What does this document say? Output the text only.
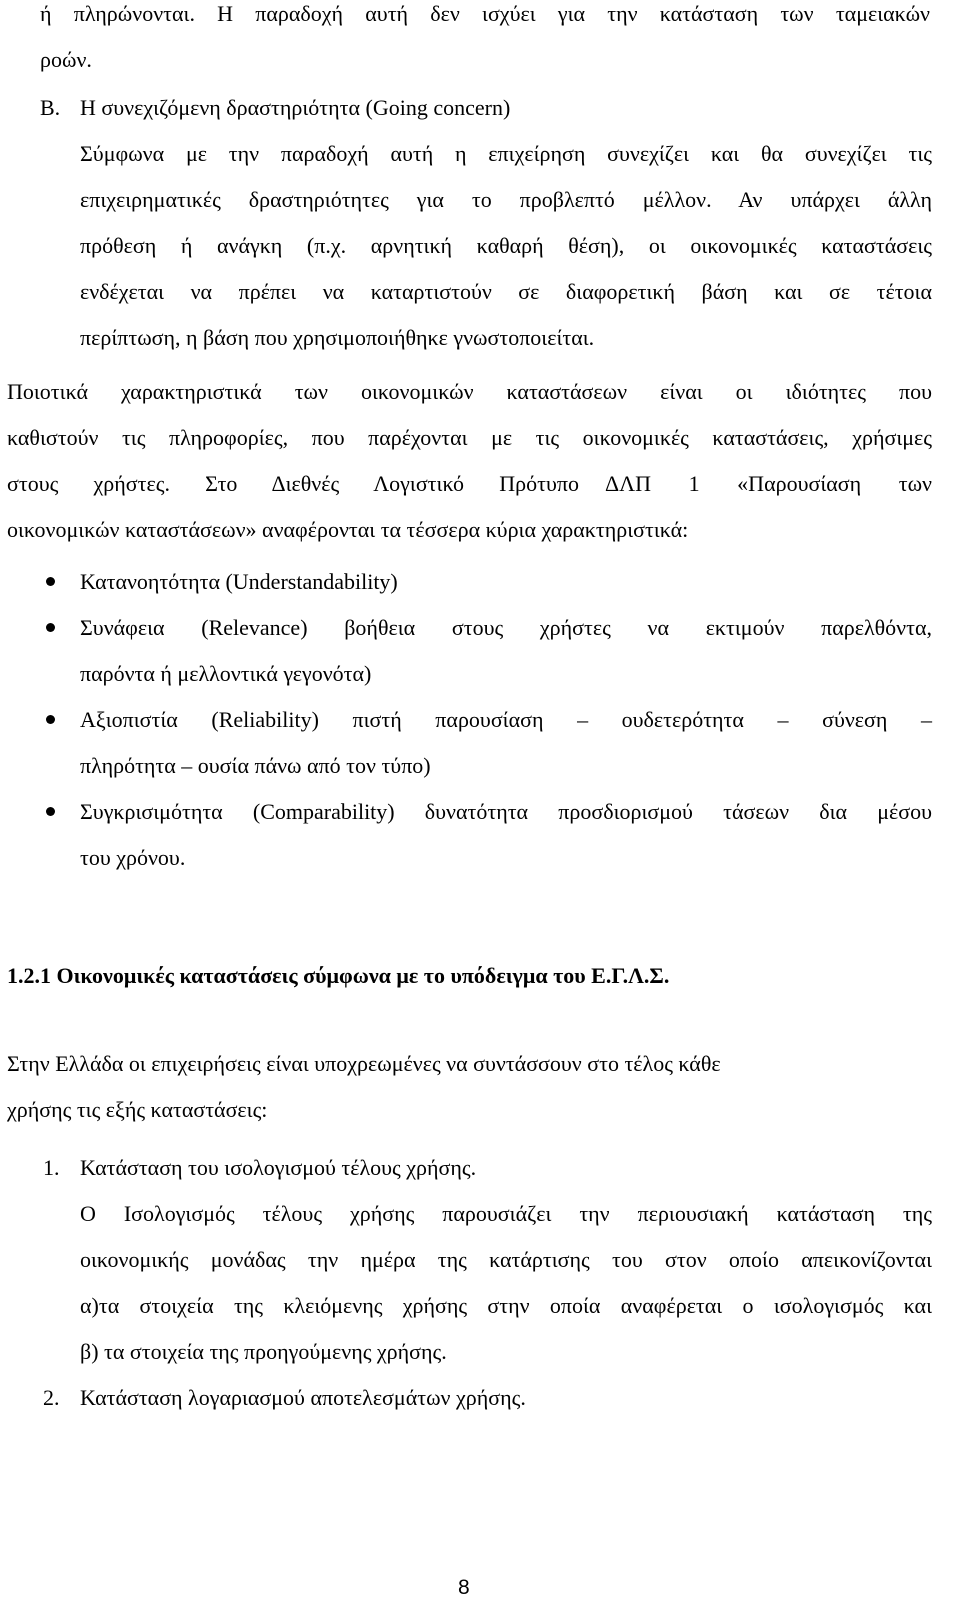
ή πληρώνονται. Η παραδοχή αυτή δεν ισχύει για την κατάσταση των ταμειακών
ροών.
Β. Η συνεχιζόμενη δραστηριότητα (Going concern)
Σύμφωνα με την παραδοχή αυτή η επιχείρηση συνεχίζει και θα συνεχίζει τις
επιχειρηματικές δραστηριότητες για το προβλεπτό μέλλον. Αν υπάρχει άλλη
πρόθεση ή ανάγκη (π.χ. αρνητική καθαρή θέση), οι οικονομικές καταστάσεις
ενδέχεται να πρέπει να καταρτιστούν σε διαφορετική βάση και σε τέτοια
περίπτωση, η βάση που χρησιμοποιήθηκε γνωστοποιείται.
Ποιοτικά χαρακτηριστικά των οικονομικών καταστάσεων είναι οι ιδιότητες που
καθιστούν τις πληροφορίες, που παρέχονται με τις οικονομικές καταστάσεις, χρήσιμες
στους χρήστες. Στο Διεθνές Λογιστικό Πρότυπο ΔΛΠ 1 «Παρουσίαση των
οικονομικών καταστάσεων» αναφέρονται τα τέσσερα κύρια χαρακτηριστικά:
Κατανοητότητα (Understandability)
Συνάφεια (Relevance) βοήθεια στους χρήστες να εκτιμούν παρελθόντα,
παρόντα ή μελλοντικά γεγονότα)
Αξιοπιστία (Reliability) πιστή παρουσίαση – ουδετερότητα – σύνεση –
πληρότητα – ουσία πάνω από τον τύπο)
Συγκρισιμότητα (Comparability) δυνατότητα προσδιορισμού τάσεων δια μέσου
του χρόνου.
1.2.1 Οικονομικές καταστάσεις σύμφωνα με το υπόδειγμα του Ε.Γ.Λ.Σ.
Στην Ελλάδα οι επιχειρήσεις είναι υποχρεωμένες να συντάσσουν στο τέλος κάθε
χρήσης τις εξής καταστάσεις:
1. Κατάσταση του ισολογισμού τέλους χρήσης.
Ο Ισολογισμός τέλους χρήσης παρουσιάζει την περιουσιακή κατάσταση της
οικονομικής μονάδας την ημέρα της κατάρτισης του στον οποίο απεικονίζονται
α)τα στοιχεία της κλειόμενης χρήσης στην οποία αναφέρεται ο ισολογισμός και
β) τα στοιχεία της προηγούμενης χρήσης.
2. Κατάσταση λογαριασμού αποτελεσμάτων χρήσης.
8
